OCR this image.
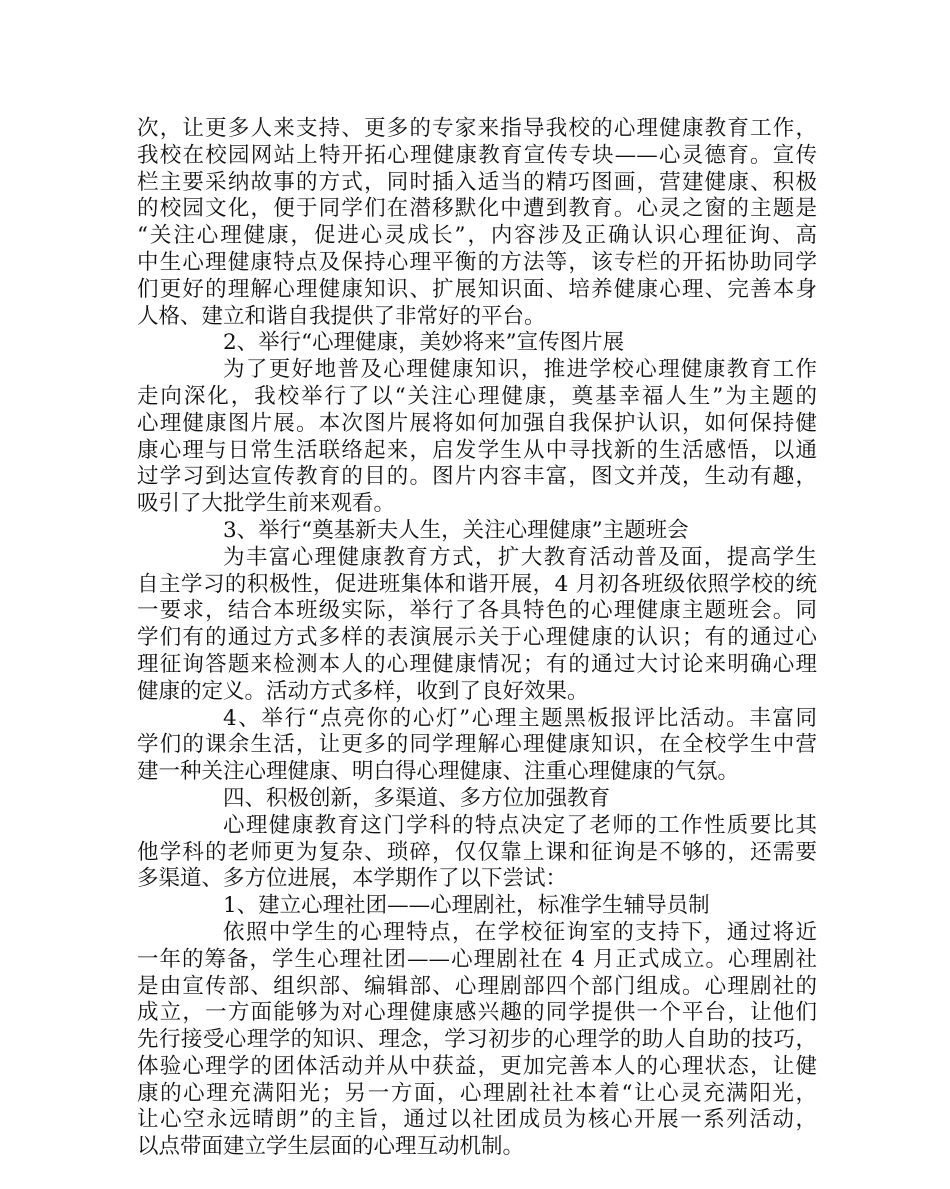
次，让更多人来支持、更多的专家来指导我校的心理健康教育工作，
我校在校园网站上特开拓心理健康教育宣传专块——心灵德育。宣传
栏主要采纳故事的方式，同时插入适当的精巧图画，营建健康、积极
的校园文化，便于同学们在潜移默化中遭到教育。心灵之窗的主题是
“关注心理健康，促进心灵成长”，内容涉及正确认识心理征询、高
中生心理健康特点及保持心理平衡的方法等，该专栏的开拓协助同学
们更好的理解心理健康知识、扩展知识面、培养健康心理、完善本身
人格、建立和谐自我提供了非常好的平台。
2、举行“心理健康，美妙将来”宣传图片展
为了更好地普及心理健康知识，推进学校心理健康教育工作
走向深化，我校举行了以“关注心理健康，奠基幸福人生”为主题的
心理健康图片展。本次图片展将如何加强自我保护认识，如何保持健
康心理与日常生活联络起来，启发学生从中寻找新的生活感悟，以通
过学习到达宣传教育的目的。图片内容丰富，图文并茂，生动有趣，
吸引了大批学生前来观看。
3、举行“奠基新夫人生，关注心理健康”主题班会
为丰富心理健康教育方式，扩大教育活动普及面，提高学生
自主学习的积极性，促进班集体和谐开展，4 月初各班级依照学校的统
一要求，结合本班级实际，举行了各具特色的心理健康主题班会。同
学们有的通过方式多样的表演展示关于心理健康的认识；有的通过心
理征询答题来检测本人的心理健康情况；有的通过大讨论来明确心理
健康的定义。活动方式多样，收到了良好效果。
4、举行“点亮你的心灯”心理主题黑板报评比活动。丰富同
学们的课余生活，让更多的同学理解心理健康知识，在全校学生中营
建一种关注心理健康、明白得心理健康、注重心理健康的气氛。
四、积极创新，多渠道、多方位加强教育
心理健康教育这门学科的特点决定了老师的工作性质要比其
他学科的老师更为复杂、琐碎，仅仅靠上课和征询是不够的，还需要
多渠道、多方位进展，本学期作了以下尝试：
1、建立心理社团——心理剧社，标准学生辅导员制
依照中学生的心理特点，在学校征询室的支持下，通过将近
一年的筹备，学生心理社团——心理剧社在 4 月正式成立。心理剧社
是由宣传部、组织部、编辑部、心理剧部四个部门组成。心理剧社的
成立，一方面能够为对心理健康感兴趣的同学提供一个平台，让他们
先行接受心理学的知识、理念，学习初步的心理学的助人自助的技巧，
体验心理学的团体活动并从中获益，更加完善本人的心理状态，让健
康的心理充满阳光；另一方面，心理剧社社本着“让心灵充满阳光，
让心空永远晴朗”的主旨，通过以社团成员为核心开展一系列活动，
以点带面建立学生层面的心理互动机制。
